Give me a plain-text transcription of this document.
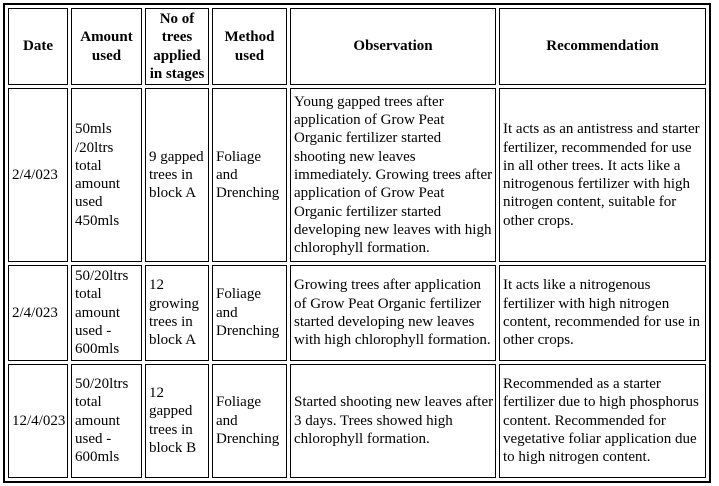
Date	Amount used	No of trees applied in stages	Method used	Observation	Recommendation
2/4/023	50mls /20ltrs total amount used 450mls	9 gapped trees in block A	Foliage and Drenching	Young gapped trees after application of Grow Peat Organic fertilizer started shooting new leaves immediately. Growing trees after application of Grow Peat Organic fertilizer started developing new leaves with high chlorophyll formation.	It acts as an antistress and starter fertilizer, recommended for use in all other trees. It acts like a nitrogenous fertilizer with high nitrogen content, suitable for other crops.
2/4/023	50/20ltrs total amount used - 600mls	12 growing trees in block A	Foliage and Drenching	Growing trees after application of Grow Peat Organic fertilizer started developing new leaves with high chlorophyll formation.	It acts like a nitrogenous fertilizer with high nitrogen content, recommended for use in other crops.
12/4/023	50/20ltrs total amount used - 600mls	12 gapped trees in block B	Foliage and Drenching	Started shooting new leaves after 3 days. Trees showed high chlorophyll formation.	Recommended as a starter fertilizer due to high phosphorus content. Recommended for vegetative foliar application due to high nitrogen content.
